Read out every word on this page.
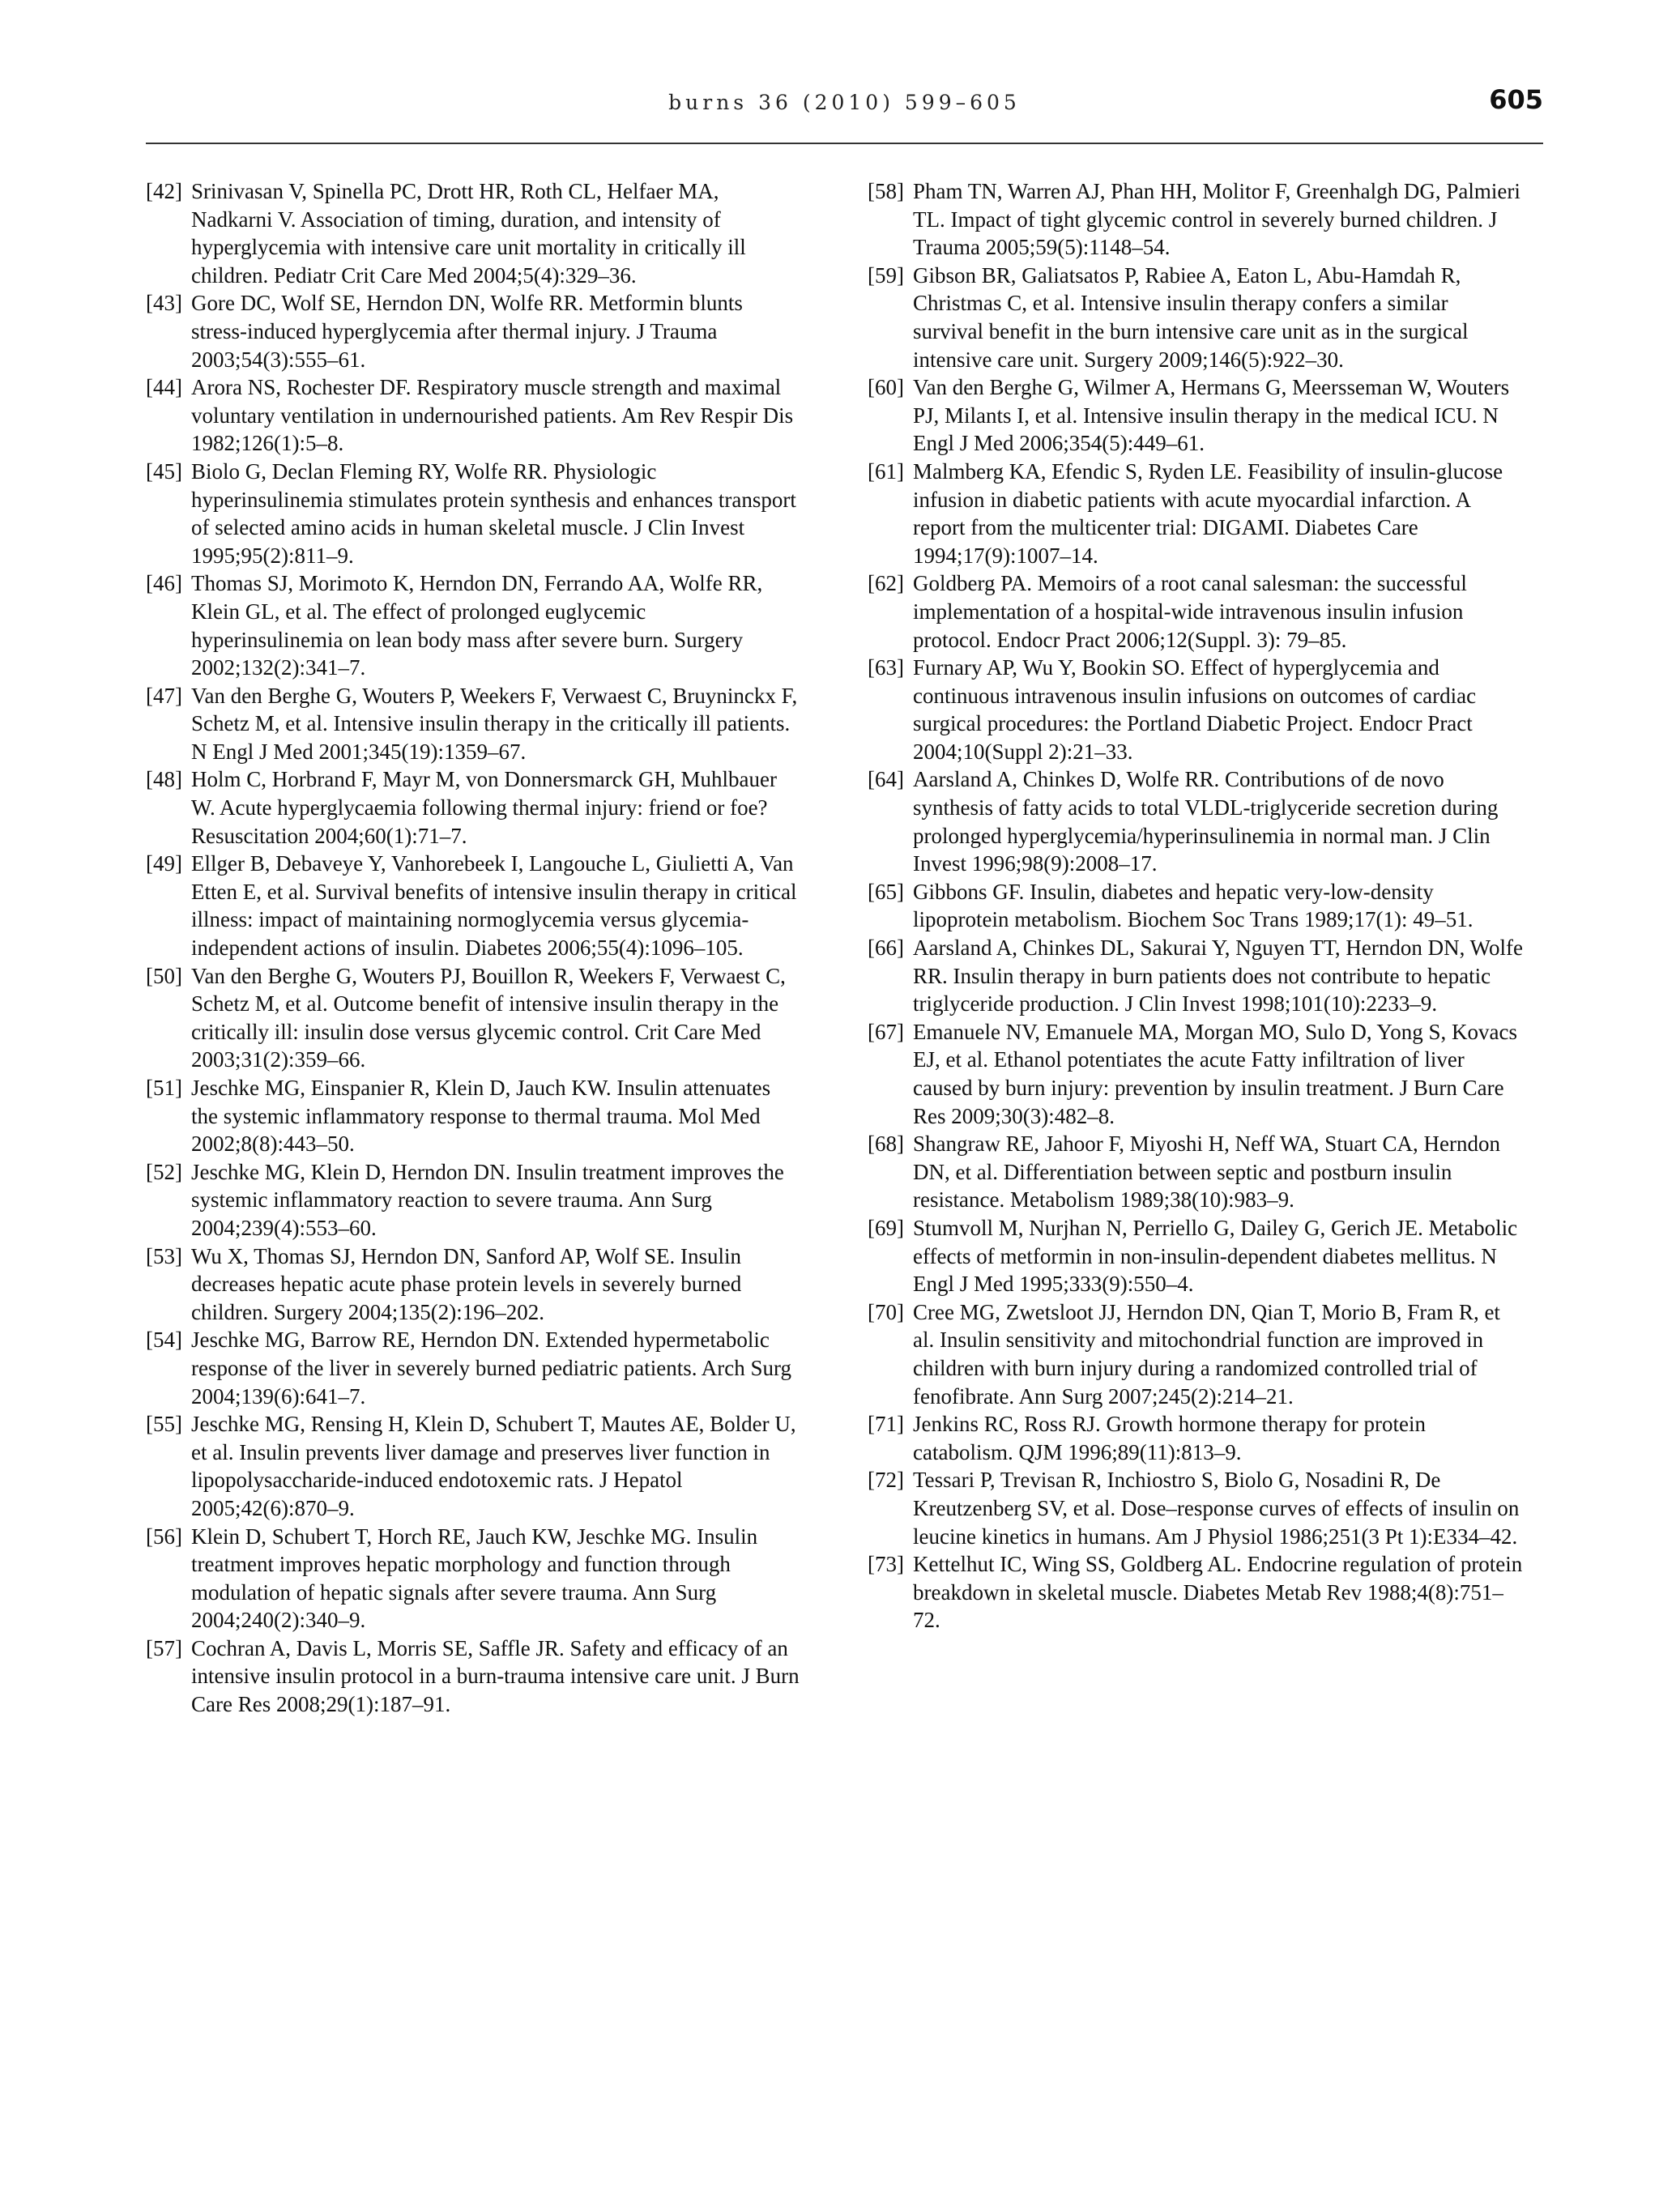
burns 36 (2010) 599–605	605

[42] Srinivasan V, Spinella PC, Drott HR, Roth CL, Helfaer MA, Nadkarni V. Association of timing, duration, and intensity of hyperglycemia with intensive care unit mortality in critically ill children. Pediatr Crit Care Med 2004;5(4):329–36.

[43] Gore DC, Wolf SE, Herndon DN, Wolfe RR. Metformin blunts stress-induced hyperglycemia after thermal injury. J Trauma 2003;54(3):555–61.

[44] Arora NS, Rochester DF. Respiratory muscle strength and maximal voluntary ventilation in undernourished patients. Am Rev Respir Dis 1982;126(1):5–8.

[45] Biolo G, Declan Fleming RY, Wolfe RR. Physiologic hyperinsulinemia stimulates protein synthesis and enhances transport of selected amino acids in human skeletal muscle. J Clin Invest 1995;95(2):811–9.

[46] Thomas SJ, Morimoto K, Herndon DN, Ferrando AA, Wolfe RR, Klein GL, et al. The effect of prolonged euglycemic hyperinsulinemia on lean body mass after severe burn. Surgery 2002;132(2):341–7.

[47] Van den Berghe G, Wouters P, Weekers F, Verwaest C, Bruyninckx F, Schetz M, et al. Intensive insulin therapy in the critically ill patients. N Engl J Med 2001;345(19):1359–67.

[48] Holm C, Horbrand F, Mayr M, von Donnersmarck GH, Muhlbauer W. Acute hyperglycaemia following thermal injury: friend or foe? Resuscitation 2004;60(1):71–7.

[49] Ellger B, Debaveye Y, Vanhorebeek I, Langouche L, Giulietti A, Van Etten E, et al. Survival benefits of intensive insulin therapy in critical illness: impact of maintaining normoglycemia versus glycemia-independent actions of insulin. Diabetes 2006;55(4):1096–105.

[50] Van den Berghe G, Wouters PJ, Bouillon R, Weekers F, Verwaest C, Schetz M, et al. Outcome benefit of intensive insulin therapy in the critically ill: insulin dose versus glycemic control. Crit Care Med 2003;31(2):359–66.

[51] Jeschke MG, Einspanier R, Klein D, Jauch KW. Insulin attenuates the systemic inflammatory response to thermal trauma. Mol Med 2002;8(8):443–50.

[52] Jeschke MG, Klein D, Herndon DN. Insulin treatment improves the systemic inflammatory reaction to severe trauma. Ann Surg 2004;239(4):553–60.

[53] Wu X, Thomas SJ, Herndon DN, Sanford AP, Wolf SE. Insulin decreases hepatic acute phase protein levels in severely burned children. Surgery 2004;135(2):196–202.

[54] Jeschke MG, Barrow RE, Herndon DN. Extended hypermetabolic response of the liver in severely burned pediatric patients. Arch Surg 2004;139(6):641–7.

[55] Jeschke MG, Rensing H, Klein D, Schubert T, Mautes AE, Bolder U, et al. Insulin prevents liver damage and preserves liver function in lipopolysaccharide-induced endotoxemic rats. J Hepatol 2005;42(6):870–9.

[56] Klein D, Schubert T, Horch RE, Jauch KW, Jeschke MG. Insulin treatment improves hepatic morphology and function through modulation of hepatic signals after severe trauma. Ann Surg 2004;240(2):340–9.

[57] Cochran A, Davis L, Morris SE, Saffle JR. Safety and efficacy of an intensive insulin protocol in a burn-trauma intensive care unit. J Burn Care Res 2008;29(1):187–91.

[58] Pham TN, Warren AJ, Phan HH, Molitor F, Greenhalgh DG, Palmieri TL. Impact of tight glycemic control in severely burned children. J Trauma 2005;59(5):1148–54.

[59] Gibson BR, Galiatsatos P, Rabiee A, Eaton L, Abu-Hamdah R, Christmas C, et al. Intensive insulin therapy confers a similar survival benefit in the burn intensive care unit as in the surgical intensive care unit. Surgery 2009;146(5):922–30.

[60] Van den Berghe G, Wilmer A, Hermans G, Meersseman W, Wouters PJ, Milants I, et al. Intensive insulin therapy in the medical ICU. N Engl J Med 2006;354(5):449–61.

[61] Malmberg KA, Efendic S, Ryden LE. Feasibility of insulin-glucose infusion in diabetic patients with acute myocardial infarction. A report from the multicenter trial: DIGAMI. Diabetes Care 1994;17(9):1007–14.

[62] Goldberg PA. Memoirs of a root canal salesman: the successful implementation of a hospital-wide intravenous insulin infusion protocol. Endocr Pract 2006;12(Suppl. 3): 79–85.

[63] Furnary AP, Wu Y, Bookin SO. Effect of hyperglycemia and continuous intravenous insulin infusions on outcomes of cardiac surgical procedures: the Portland Diabetic Project. Endocr Pract 2004;10(Suppl 2):21–33.

[64] Aarsland A, Chinkes D, Wolfe RR. Contributions of de novo synthesis of fatty acids to total VLDL-triglyceride secretion during prolonged hyperglycemia/hyperinsulinemia in normal man. J Clin Invest 1996;98(9):2008–17.

[65] Gibbons GF. Insulin, diabetes and hepatic very-low-density lipoprotein metabolism. Biochem Soc Trans 1989;17(1): 49–51.

[66] Aarsland A, Chinkes DL, Sakurai Y, Nguyen TT, Herndon DN, Wolfe RR. Insulin therapy in burn patients does not contribute to hepatic triglyceride production. J Clin Invest 1998;101(10):2233–9.

[67] Emanuele NV, Emanuele MA, Morgan MO, Sulo D, Yong S, Kovacs EJ, et al. Ethanol potentiates the acute Fatty infiltration of liver caused by burn injury: prevention by insulin treatment. J Burn Care Res 2009;30(3):482–8.

[68] Shangraw RE, Jahoor F, Miyoshi H, Neff WA, Stuart CA, Herndon DN, et al. Differentiation between septic and postburn insulin resistance. Metabolism 1989;38(10):983–9.

[69] Stumvoll M, Nurjhan N, Perriello G, Dailey G, Gerich JE. Metabolic effects of metformin in non-insulin-dependent diabetes mellitus. N Engl J Med 1995;333(9):550–4.

[70] Cree MG, Zwetsloot JJ, Herndon DN, Qian T, Morio B, Fram R, et al. Insulin sensitivity and mitochondrial function are improved in children with burn injury during a randomized controlled trial of fenofibrate. Ann Surg 2007;245(2):214–21.

[71] Jenkins RC, Ross RJ. Growth hormone therapy for protein catabolism. QJM 1996;89(11):813–9.

[72] Tessari P, Trevisan R, Inchiostro S, Biolo G, Nosadini R, De Kreutzenberg SV, et al. Dose–response curves of effects of insulin on leucine kinetics in humans. Am J Physiol 1986;251(3 Pt 1):E334–42.

[73] Kettelhut IC, Wing SS, Goldberg AL. Endocrine regulation of protein breakdown in skeletal muscle. Diabetes Metab Rev 1988;4(8):751–72.
